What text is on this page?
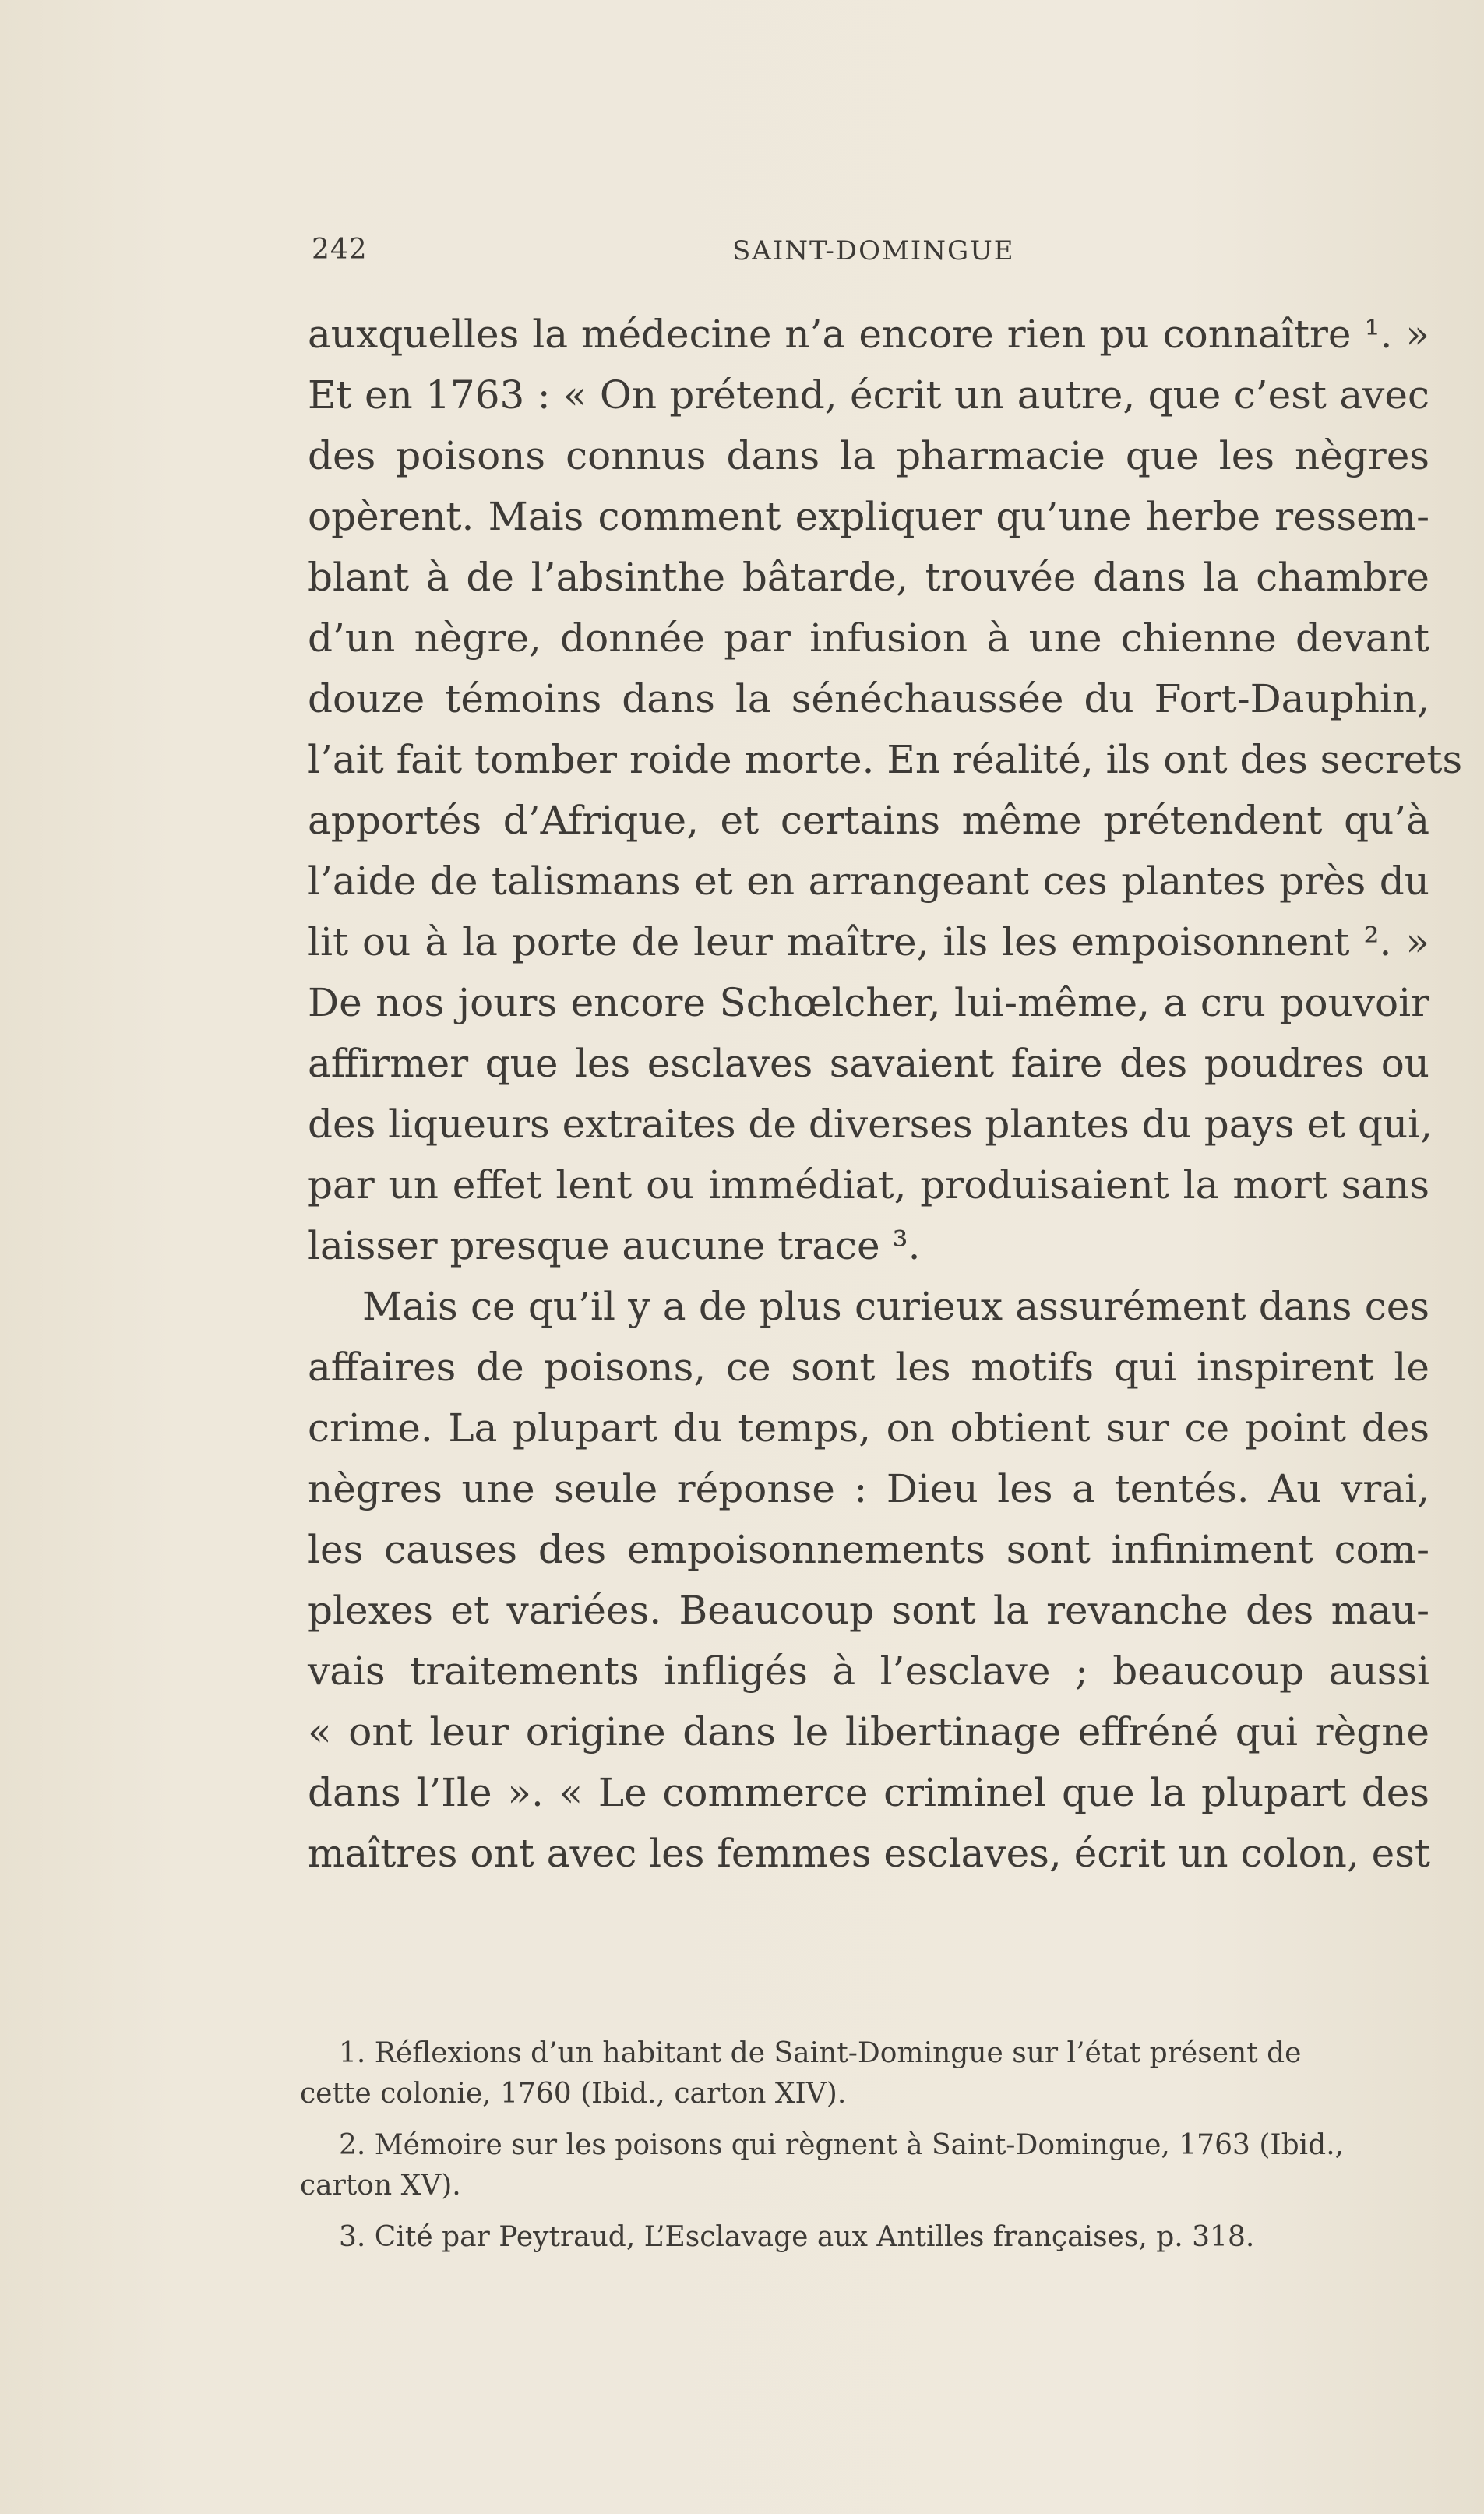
242	SAINT-DOMINGUE
auxquelles la médecine n’a encore rien pu connaître ¹. »
Et en 1763 : « On prétend, écrit un autre, que c’est avec
des poisons connus dans la pharmacie que les nègres
opèrent. Mais comment expliquer qu’une herbe ressem-
blant à de l’absinthe bâtarde, trouvée dans la chambre
d’un nègre, donnée par infusion à une chienne devant
douze témoins dans la sénéchaussée du Fort-Dauphin,
l’ait fait tomber roide morte. En réalité, ils ont des secrets
apportés d’Afrique, et certains même prétendent qu’à
l’aide de talismans et en arrangeant ces plantes près du
lit ou à la porte de leur maître, ils les empoisonnent ². »
De nos jours encore Schœlcher, lui-même, a cru pouvoir
affirmer que les esclaves savaient faire des poudres ou
des liqueurs extraites de diverses plantes du pays et qui,
par un effet lent ou immédiat, produisaient la mort sans
laisser presque aucune trace ³.
Mais ce qu’il y a de plus curieux assurément dans ces
affaires de poisons, ce sont les motifs qui inspirent le
crime. La plupart du temps, on obtient sur ce point des
nègres une seule réponse : Dieu les a tentés. Au vrai,
les causes des empoisonnements sont infiniment com-
plexes et variées. Beaucoup sont la revanche des mau-
vais traitements infligés à l’esclave ; beaucoup aussi
« ont leur origine dans le libertinage effréné qui règne
dans l’Ile ». « Le commerce criminel que la plupart des
maîtres ont avec les femmes esclaves, écrit un colon, est
1. Réflexions d’un habitant de Saint-Domingue sur l’état présent de
cette colonie, 1760 (Ibid., carton XIV).
2. Mémoire sur les poisons qui règnent à Saint-Domingue, 1763 (Ibid.,
carton XV).
3. Cité par Peytraud, L’Esclavage aux Antilles françaises, p. 318.
